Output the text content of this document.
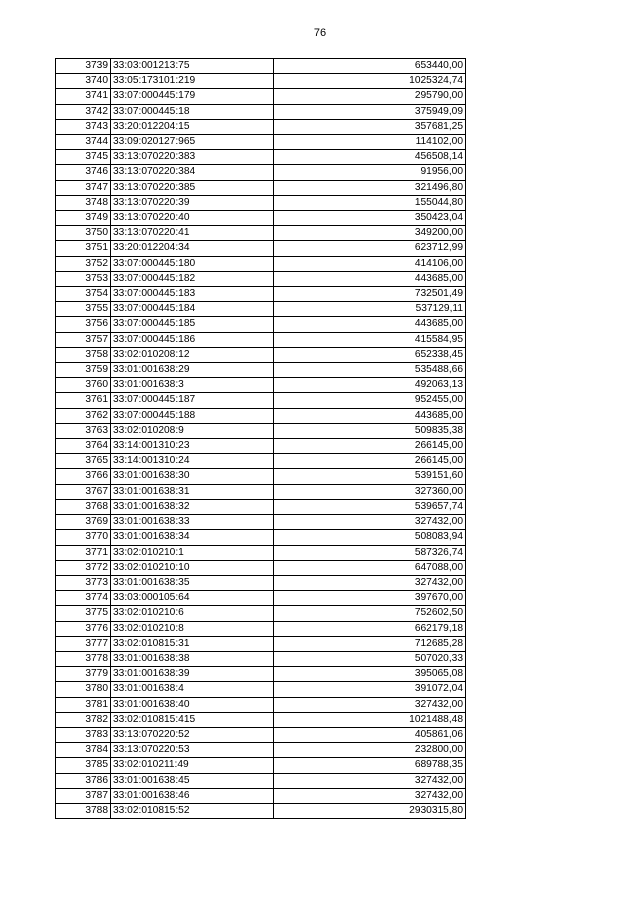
76
3739	33:03:001213:75	653440,00
3740	33:05:173101:219	1025324,74
3741	33:07:000445:179	295790,00
3742	33:07:000445:18	375949,09
3743	33:20:012204:15	357681,25
3744	33:09:020127:965	114102,00
3745	33:13:070220:383	456508,14
3746	33:13:070220:384	91956,00
3747	33:13:070220:385	321496,80
3748	33:13:070220:39	155044,80
3749	33:13:070220:40	350423,04
3750	33:13:070220:41	349200,00
3751	33:20:012204:34	623712,99
3752	33:07:000445:180	414106,00
3753	33:07:000445:182	443685,00
3754	33:07:000445:183	732501,49
3755	33:07:000445:184	537129,11
3756	33:07:000445:185	443685,00
3757	33:07:000445:186	415584,95
3758	33:02:010208:12	652338,45
3759	33:01:001638:29	535488,66
3760	33:01:001638:3	492063,13
3761	33:07:000445:187	952455,00
3762	33:07:000445:188	443685,00
3763	33:02:010208:9	509835,38
3764	33:14:001310:23	266145,00
3765	33:14:001310:24	266145,00
3766	33:01:001638:30	539151,60
3767	33:01:001638:31	327360,00
3768	33:01:001638:32	539657,74
3769	33:01:001638:33	327432,00
3770	33:01:001638:34	508083,94
3771	33:02:010210:1	587326,74
3772	33:02:010210:10	647088,00
3773	33:01:001638:35	327432,00
3774	33:03:000105:64	397670,00
3775	33:02:010210:6	752602,50
3776	33:02:010210:8	662179,18
3777	33:02:010815:31	712685,28
3778	33:01:001638:38	507020,33
3779	33:01:001638:39	395065,08
3780	33:01:001638:4	391072,04
3781	33:01:001638:40	327432,00
3782	33:02:010815:415	1021488,48
3783	33:13:070220:52	405861,06
3784	33:13:070220:53	232800,00
3785	33:02:010211:49	689788,35
3786	33:01:001638:45	327432,00
3787	33:01:001638:46	327432,00
3788	33:02:010815:52	2930315,80
